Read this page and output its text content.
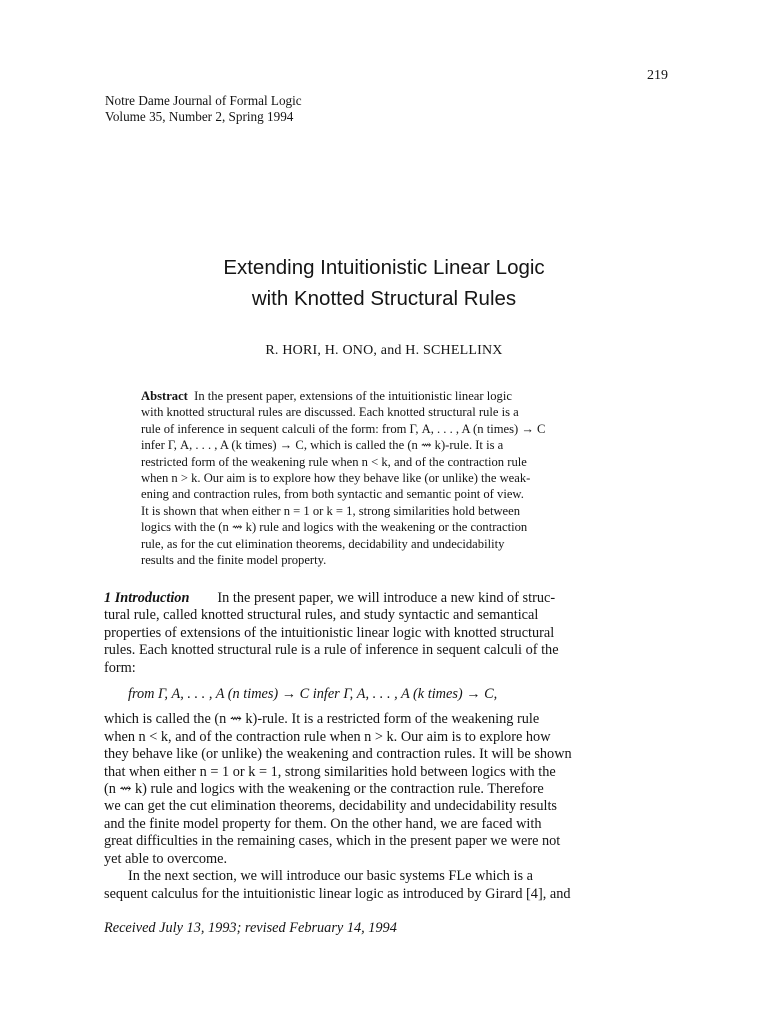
219
Notre Dame Journal of Formal Logic
Volume 35, Number 2, Spring 1994
Extending Intuitionistic Linear Logic
with Knotted Structural Rules
R. HORI, H. ONO, and H. SCHELLINX
Abstract In the present paper, extensions of the intuitionistic linear logic
with knotted structural rules are discussed. Each knotted structural rule is a
rule of inference in sequent calculi of the form: from Γ, A, . . . , A (n times) → C
infer Γ, A, . . . , A (k times) → C, which is called the (n ⇝ k)-rule. It is a
restricted form of the weakening rule when n < k, and of the contraction rule
when n > k. Our aim is to explore how they behave like (or unlike) the weak-
ening and contraction rules, from both syntactic and semantic point of view.
It is shown that when either n = 1 or k = 1, strong similarities hold between
logics with the (n ⇝ k) rule and logics with the weakening or the contraction
rule, as for the cut elimination theorems, decidability and undecidability
results and the finite model property.

1 Introduction In the present paper, we will introduce a new kind of struc-
tural rule, called knotted structural rules, and study syntactic and semantical
properties of extensions of the intuitionistic linear logic with knotted structural
rules. Each knotted structural rule is a rule of inference in sequent calculi of the
form:

from Γ, A, . . . , A (n times) → C infer Γ, A, . . . , A (k times) → C,

which is called the (n ⇝ k)-rule. It is a restricted form of the weakening rule
when n < k, and of the contraction rule when n > k. Our aim is to explore how
they behave like (or unlike) the weakening and contraction rules. It will be shown
that when either n = 1 or k = 1, strong similarities hold between logics with the
(n ⇝ k) rule and logics with the weakening or the contraction rule. Therefore
we can get the cut elimination theorems, decidability and undecidability results
and the finite model property for them. On the other hand, we are faced with
great difficulties in the remaining cases, which in the present paper we were not
yet able to overcome.

In the next section, we will introduce our basic systems FLe which is a
sequent calculus for the intuitionistic linear logic as introduced by Girard [4], and

Received July 13, 1993; revised February 14, 1994
